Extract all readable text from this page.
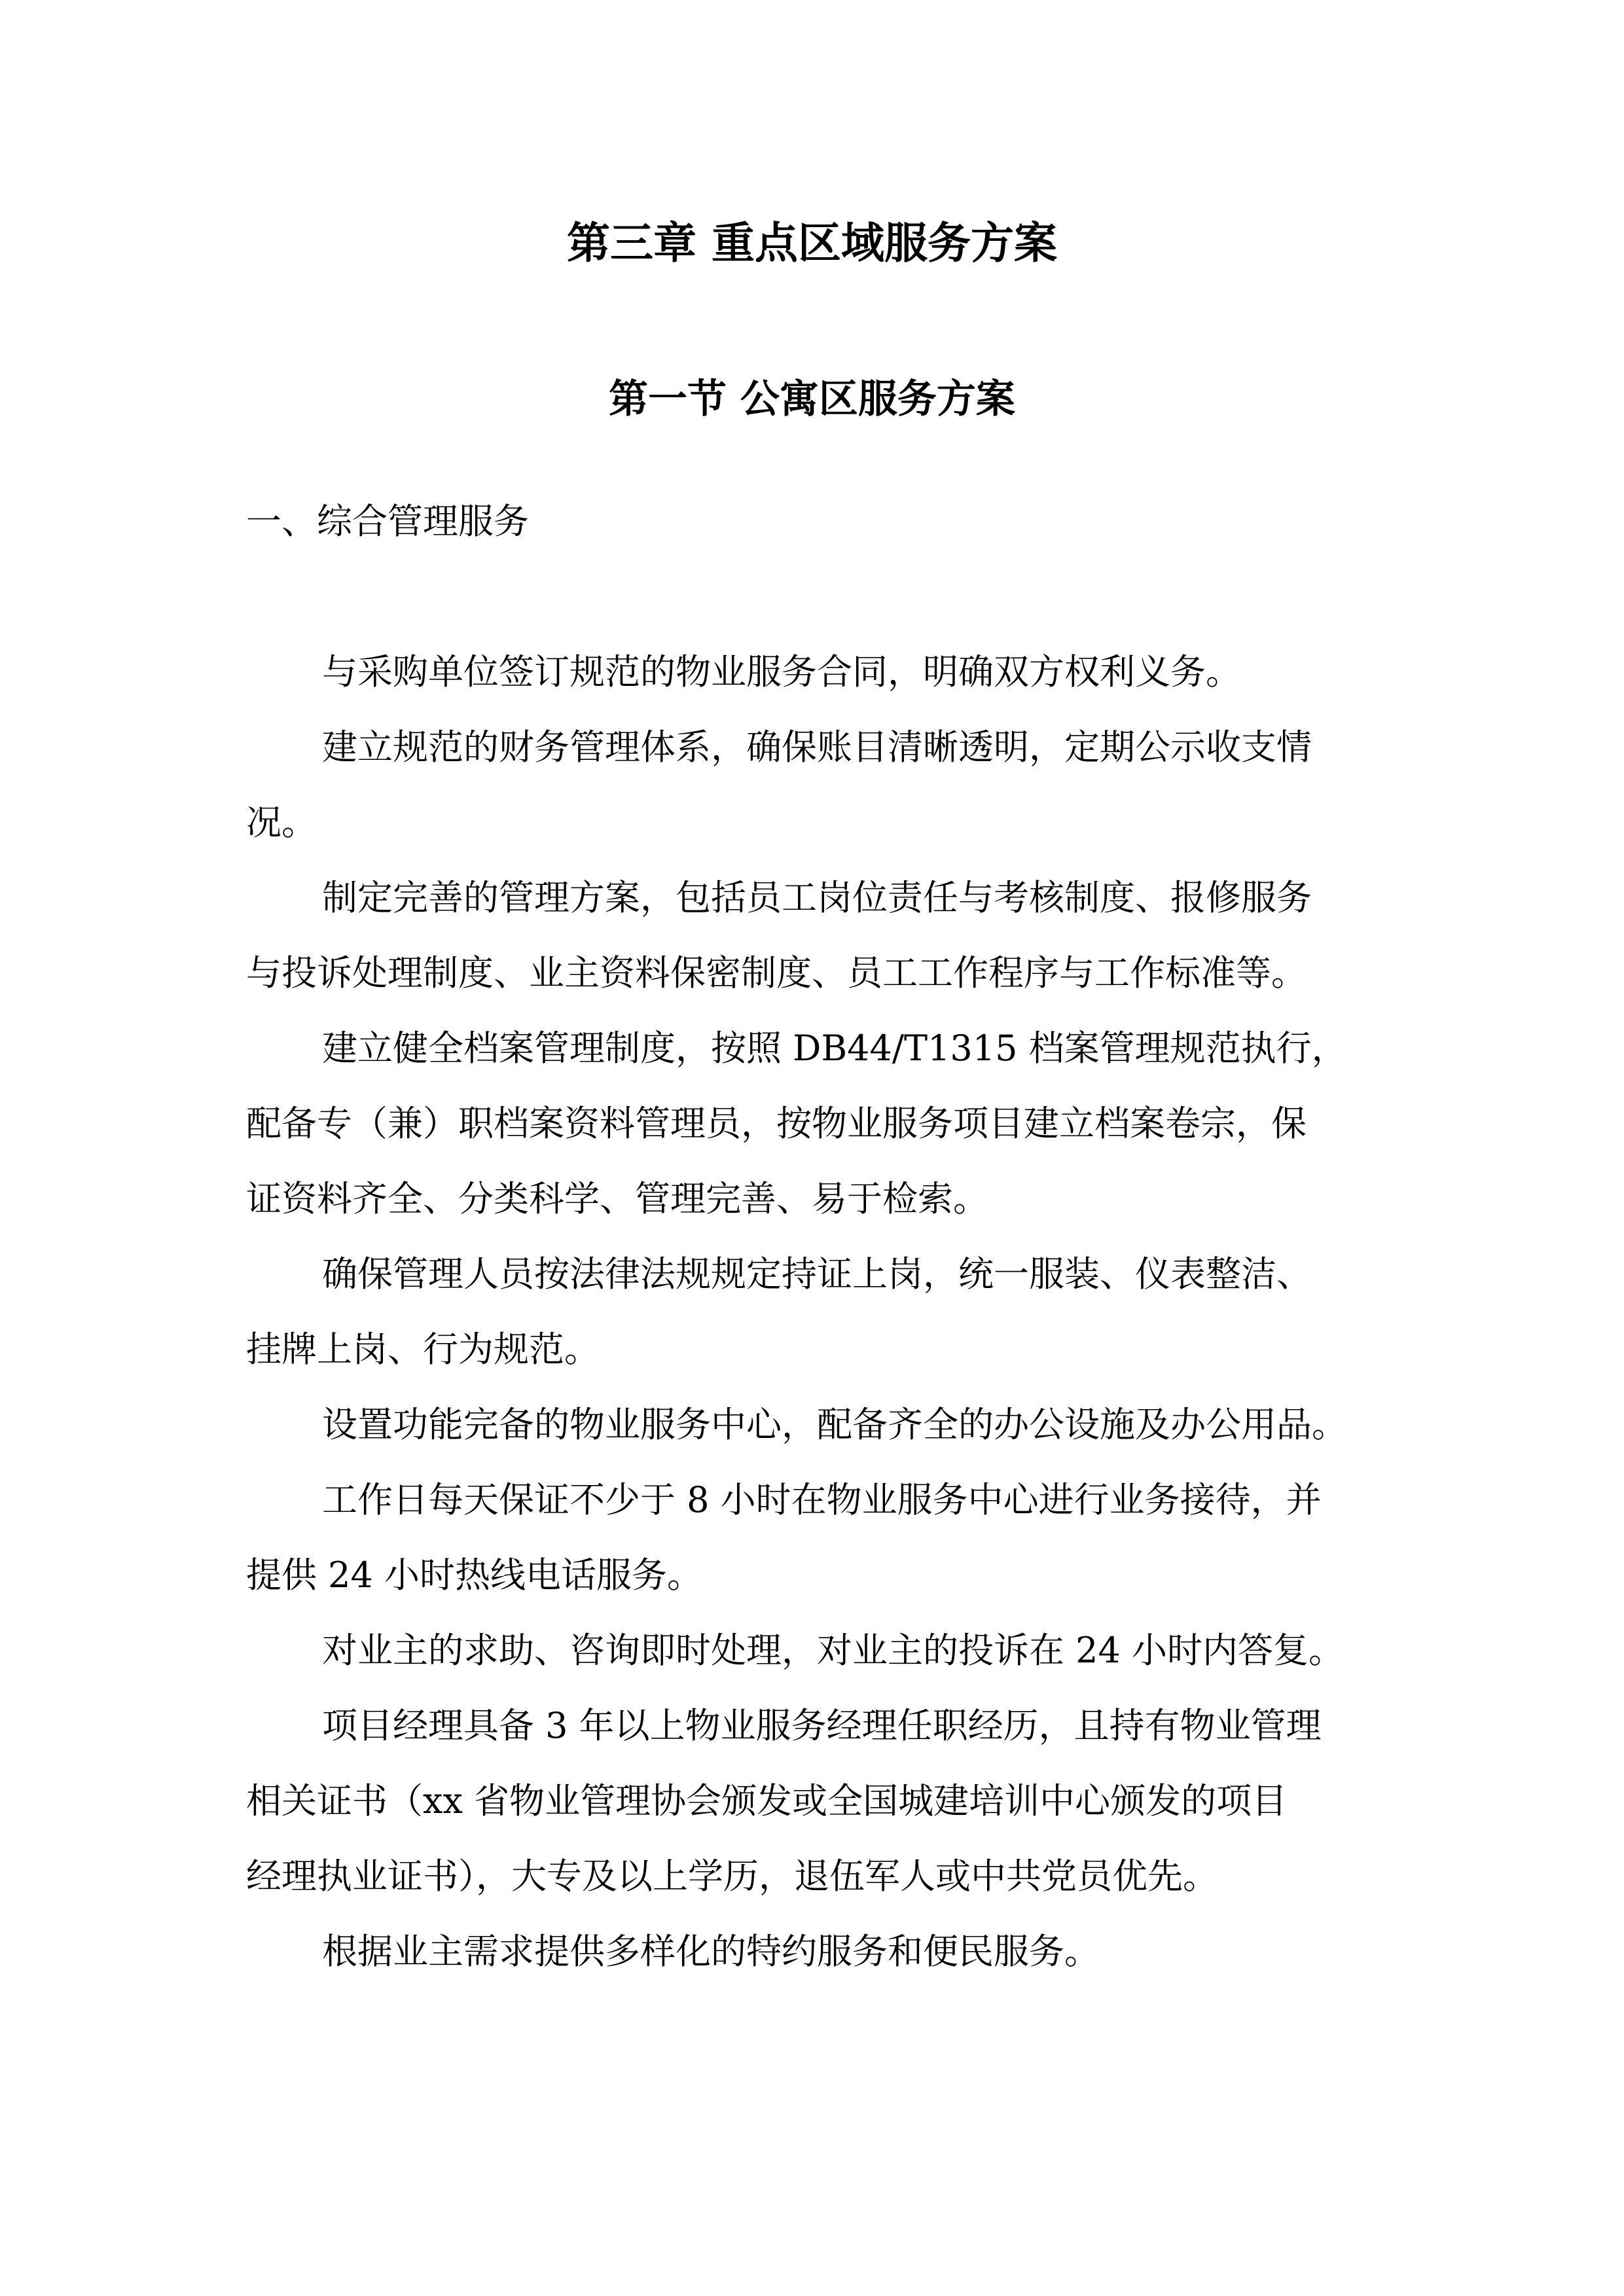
第三章 重点区域服务方案
第一节 公寓区服务方案
一、综合管理服务
与采购单位签订规范的物业服务合同，明确双方权利义务。
建立规范的财务管理体系，确保账目清晰透明，定期公示收支情
况。
制定完善的管理方案，包括员工岗位责任与考核制度、报修服务
与投诉处理制度、业主资料保密制度、员工工作程序与工作标准等。
建立健全档案管理制度，按照 DB44/T1315 档案管理规范执行，
配备专（兼）职档案资料管理员，按物业服务项目建立档案卷宗，保
证资料齐全、分类科学、管理完善、易于检索。
确保管理人员按法律法规规定持证上岗，统一服装、仪表整洁、
挂牌上岗、行为规范。
设置功能完备的物业服务中心，配备齐全的办公设施及办公用品。
工作日每天保证不少于 8 小时在物业服务中心进行业务接待，并
提供 24 小时热线电话服务。
对业主的求助、咨询即时处理，对业主的投诉在 24 小时内答复。
项目经理具备 3 年以上物业服务经理任职经历，且持有物业管理
相关证书（xx 省物业管理协会颁发或全国城建培训中心颁发的项目
经理执业证书），大专及以上学历，退伍军人或中共党员优先。
根据业主需求提供多样化的特约服务和便民服务。
